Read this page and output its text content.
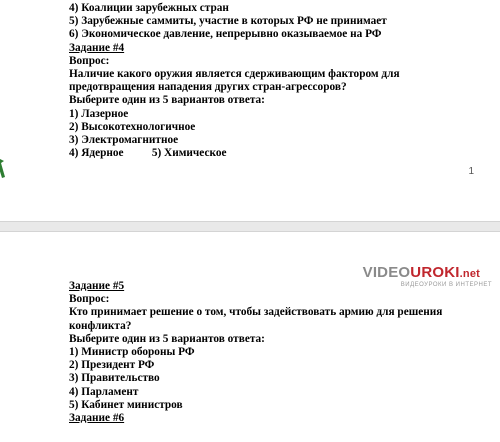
4) Коалиции зарубежных стран
5) Зарубежные саммиты, участие в которых РФ не принимает
6) Экономическое давление, непрерывно оказываемое на РФ
Задание #4
Вопрос:
Наличие какого оружия является сдерживающим фактором для
предотвращения нападения других стран-агрессоров?
Выберите один из 5 вариантов ответа:
1) Лазерное
2) Высокотехнологичное
3) Электромагнитное
4) Ядерное          5) Химическое
1
VIDEOUROKI.net
ВИДЕОУРОКИ В ИНТЕРНЕТ
Задание #5
Вопрос:
Кто принимает решение о том, чтобы задействовать армию для решения
конфликта?
Выберите один из 5 вариантов ответа:
1) Министр обороны РФ
2) Президент РФ
3) Правительство
4) Парламент
5) Кабинет министров
Задание #6
